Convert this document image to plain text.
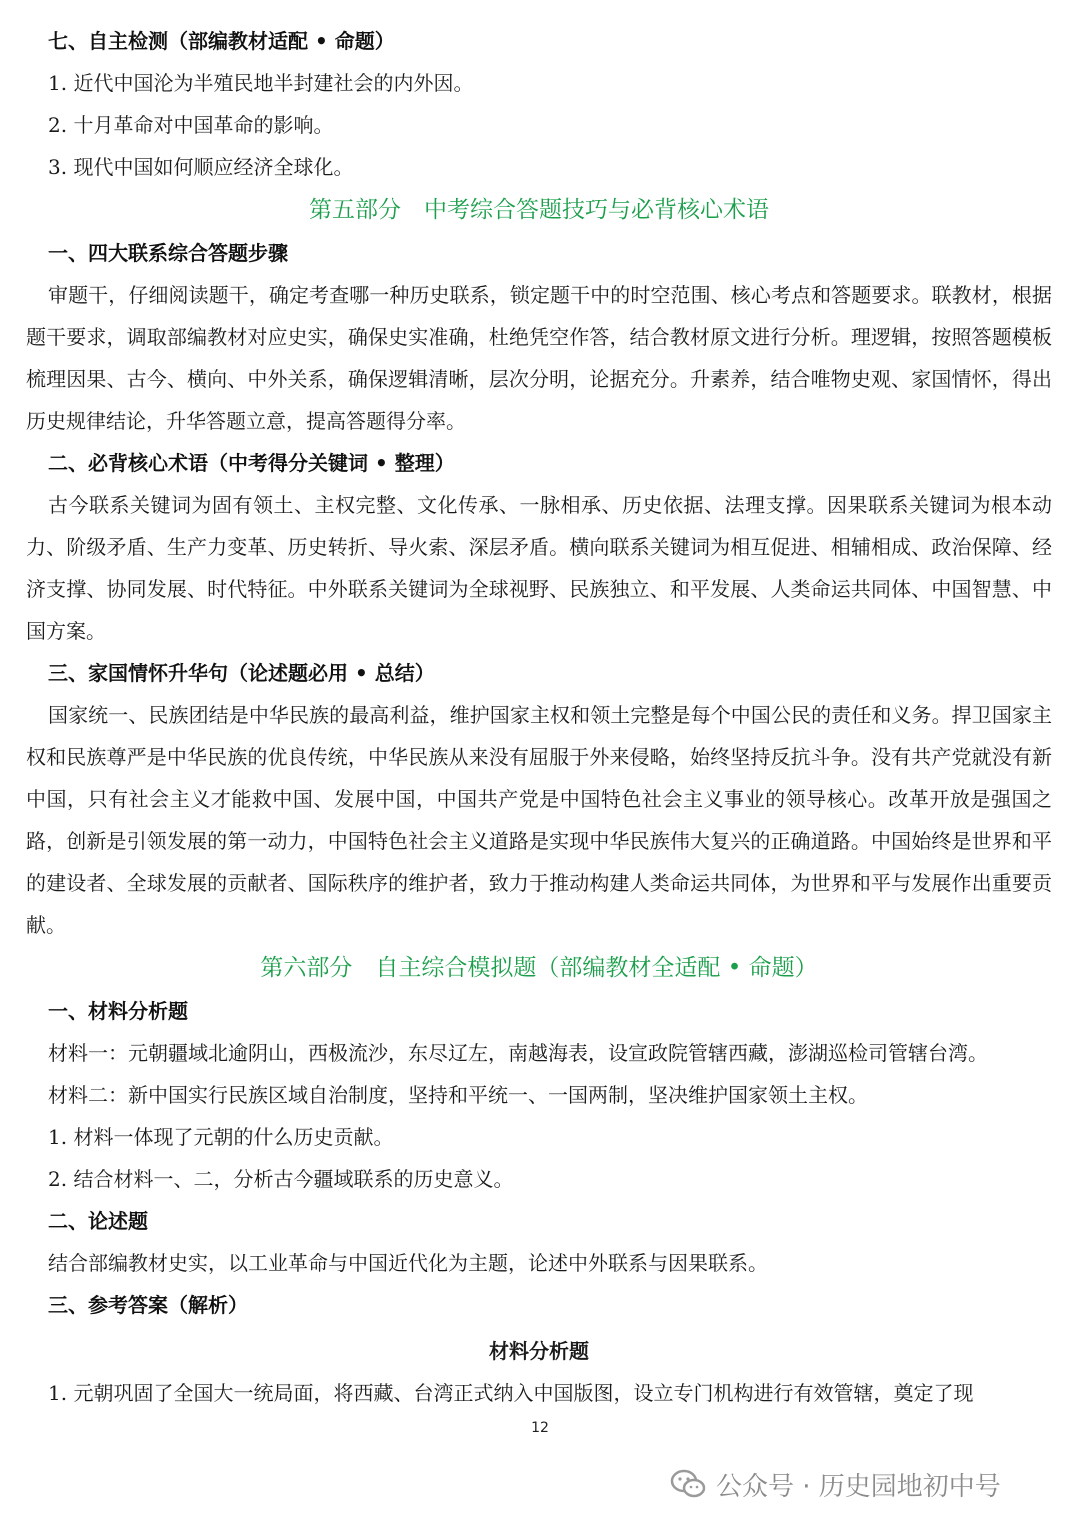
七、自主检测（部编教材适配 • 命题）

1. 近代中国沦为半殖民地半封建社会的内外因。

2. 十月革命对中国革命的影响。

3. 现代中国如何顺应经济全球化。

第五部分　中考综合答题技巧与必背核心术语

一、四大联系综合答题步骤

审题干，仔细阅读题干，确定考查哪一种历史联系，锁定题干中的时空范围、核心考点和答题要求。联教材，根据题干要求，调取部编教材对应史实，确保史实准确，杜绝凭空作答，结合教材原文进行分析。理逻辑，按照答题模板梳理因果、古今、横向、中外关系，确保逻辑清晰，层次分明，论据充分。升素养，结合唯物史观、家国情怀，得出历史规律结论，升华答题立意，提高答题得分率。

二、必背核心术语（中考得分关键词 • 整理）

古今联系关键词为固有领土、主权完整、文化传承、一脉相承、历史依据、法理支撑。因果联系关键词为根本动力、阶级矛盾、生产力变革、历史转折、导火索、深层矛盾。横向联系关键词为相互促进、相辅相成、政治保障、经济支撑、协同发展、时代特征。中外联系关键词为全球视野、民族独立、和平发展、人类命运共同体、中国智慧、中国方案。

三、家国情怀升华句（论述题必用 • 总结）

国家统一、民族团结是中华民族的最高利益，维护国家主权和领土完整是每个中国公民的责任和义务。捍卫国家主权和民族尊严是中华民族的优良传统，中华民族从来没有屈服于外来侵略，始终坚持反抗斗争。没有共产党就没有新中国，只有社会主义才能救中国、发展中国，中国共产党是中国特色社会主义事业的领导核心。改革开放是强国之路，创新是引领发展的第一动力，中国特色社会主义道路是实现中华民族伟大复兴的正确道路。中国始终是世界和平的建设者、全球发展的贡献者、国际秩序的维护者，致力于推动构建人类命运共同体，为世界和平与发展作出重要贡献。

第六部分　自主综合模拟题（部编教材全适配 • 命题）

一、材料分析题

材料一：元朝疆域北逾阴山，西极流沙，东尽辽左，南越海表，设宣政院管辖西藏，澎湖巡检司管辖台湾。

材料二：新中国实行民族区域自治制度，坚持和平统一、一国两制，坚决维护国家领土主权。

1. 材料一体现了元朝的什么历史贡献。

2. 结合材料一、二，分析古今疆域联系的历史意义。

二、论述题

结合部编教材史实，以工业革命与中国近代化为主题，论述中外联系与因果联系。

三、参考答案（解析）

材料分析题

1. 元朝巩固了全国大一统局面，将西藏、台湾正式纳入中国版图，设立专门机构进行有效管辖，奠定了现

12
公众号 · 历史园地初中号
